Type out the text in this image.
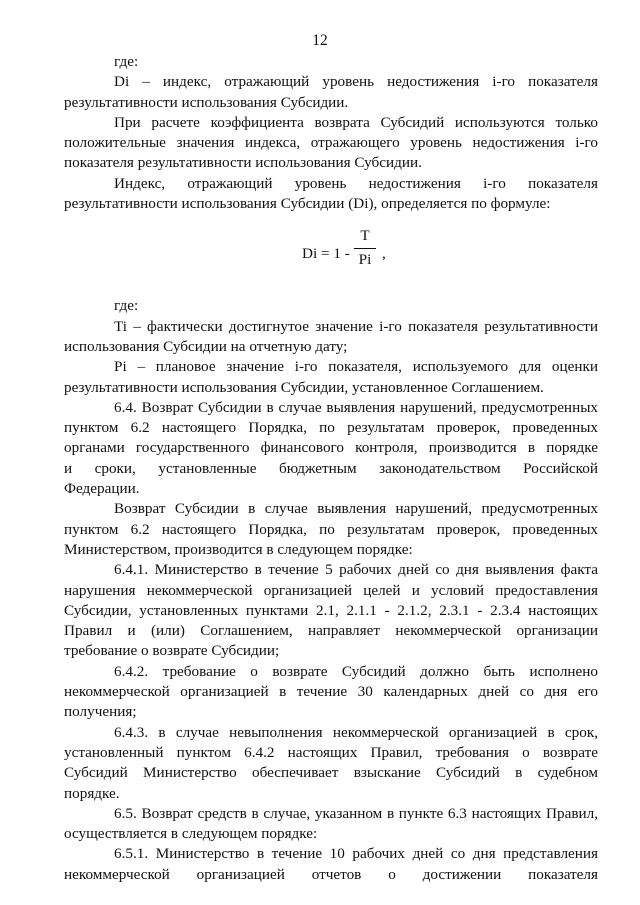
12
где:
Di – индекс, отражающий уровень недостижения i-го показателя
результативности использования Субсидии.
При расчете коэффициента возврата Субсидий используются только
положительные значения индекса, отражающего уровень недостижения i-го
показателя результативности использования Субсидии.
Индекс, отражающий уровень недостижения i-го показателя
результативности использования Субсидии (Di), определяется по формуле:
Di = 1 -
T
Pi ,
где:
Ti – фактически достигнутое значение i-го показателя результативности
использования Субсидии на отчетную дату;
Pi – плановое значение i-го показателя, используемого для оценки
результативности использования Субсидии, установленное Соглашением.
6.4. Возврат Субсидии в случае выявления нарушений, предусмотренных
пунктом 6.2 настоящего Порядка, по результатам проверок, проведенных
органами государственного финансового контроля, производится в порядке
и сроки, установленные бюджетным законодательством Российской
Федерации.
Возврат Субсидии в случае выявления нарушений, предусмотренных
пунктом 6.2 настоящего Порядка, по результатам проверок, проведенных
Министерством, производится в следующем порядке:
6.4.1. Министерство в течение 5 рабочих дней со дня выявления факта
нарушения некоммерческой организацией целей и условий предоставления
Субсидии, установленных пунктами 2.1, 2.1.1 - 2.1.2, 2.3.1 - 2.3.4 настоящих
Правил и (или) Соглашением, направляет некоммерческой организации
требование о возврате Субсидии;
6.4.2. требование о возврате Субсидий должно быть исполнено
некоммерческой организацией в течение 30 календарных дней со дня его
получения;
6.4.3. в случае невыполнения некоммерческой организацией в срок,
установленный пунктом 6.4.2 настоящих Правил, требования о возврате
Субсидий Министерство обеспечивает взыскание Субсидий в судебном
порядке.
6.5. Возврат средств в случае, указанном в пункте 6.3 настоящих Правил,
осуществляется в следующем порядке:
6.5.1. Министерство в течение 10 рабочих дней со дня представления
некоммерческой организацией отчетов о достижении показателя
